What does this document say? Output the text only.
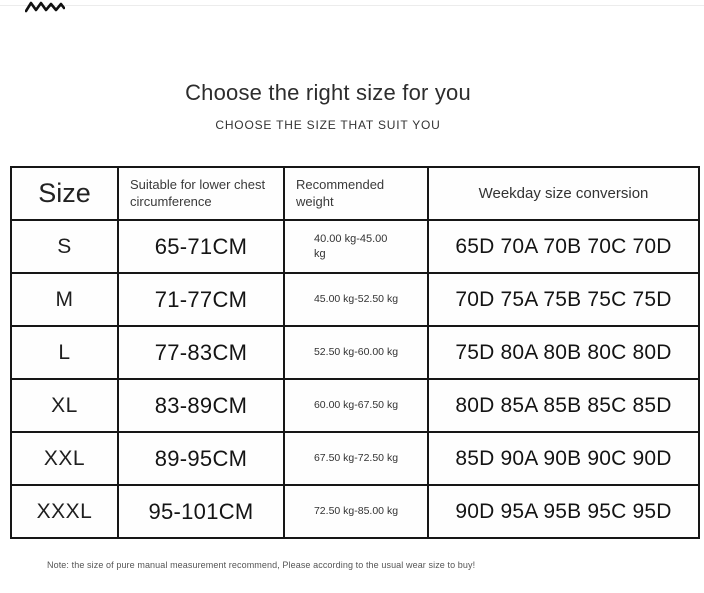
Choose the right size for you
CHOOSE THE SIZE THAT SUIT YOU
Size	Suitable for lower chest circumference	Recommended weight	Weekday size conversion
S	65-71CM	40.00 kg-45.00 kg	65D 70A 70B 70C 70D
M	71-77CM	45.00 kg-52.50 kg	70D 75A 75B 75C 75D
L	77-83CM	52.50 kg-60.00 kg	75D 80A 80B 80C 80D
XL	83-89CM	60.00 kg-67.50 kg	80D 85A 85B 85C 85D
XXL	89-95CM	67.50 kg-72.50 kg	85D 90A 90B 90C 90D
XXXL	95-101CM	72.50 kg-85.00 kg	90D 95A 95B 95C 95D
Note: the size of pure manual measurement recommend, Please according to the usual wear size to buy!
